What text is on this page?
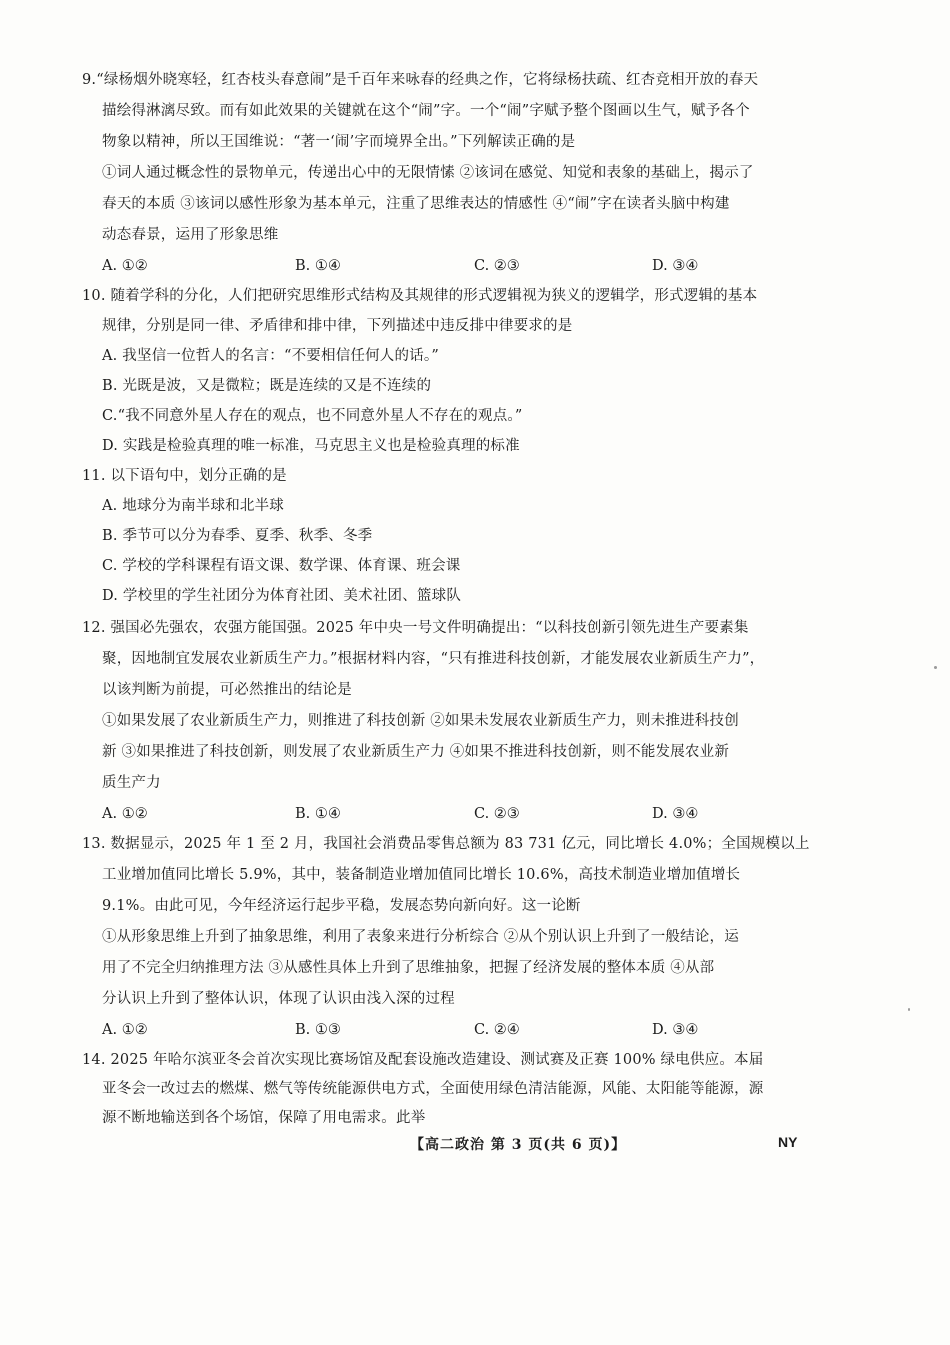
9.“绿杨烟外晓寒轻，红杏枝头春意闹”是千百年来咏春的经典之作，它将绿杨扶疏、红杏竞相开放的春天
描绘得淋漓尽致。而有如此效果的关键就在这个“闹”字。一个“闹”字赋予整个图画以生气，赋予各个
物象以精神，所以王国维说：“著一‘闹’字而境界全出。”下列解读正确的是
①词人通过概念性的景物单元，传递出心中的无限情愫 ②该词在感觉、知觉和表象的基础上，揭示了
春天的本质 ③该词以感性形象为基本单元，注重了思维表达的情感性 ④“闹”字在读者头脑中构建
动态春景，运用了形象思维
A. ①②	B. ①④	C. ②③	D. ③④
10. 随着学科的分化，人们把研究思维形式结构及其规律的形式逻辑视为狭义的逻辑学，形式逻辑的基本
规律，分别是同一律、矛盾律和排中律，下列描述中违反排中律要求的是
A. 我坚信一位哲人的名言：“不要相信任何人的话。”
B. 光既是波，又是微粒；既是连续的又是不连续的
C.“我不同意外星人存在的观点，也不同意外星人不存在的观点。”
D. 实践是检验真理的唯一标准，马克思主义也是检验真理的标准
11. 以下语句中，划分正确的是
A. 地球分为南半球和北半球
B. 季节可以分为春季、夏季、秋季、冬季
C. 学校的学科课程有语文课、数学课、体育课、班会课
D. 学校里的学生社团分为体育社团、美术社团、篮球队
12. 强国必先强农，农强方能国强。2025 年中央一号文件明确提出：“以科技创新引领先进生产要素集
聚，因地制宜发展农业新质生产力。”根据材料内容，“只有推进科技创新，才能发展农业新质生产力”，
以该判断为前提，可必然推出的结论是
①如果发展了农业新质生产力，则推进了科技创新 ②如果未发展农业新质生产力，则未推进科技创
新 ③如果推进了科技创新，则发展了农业新质生产力 ④如果不推进科技创新，则不能发展农业新
质生产力
A. ①②	B. ①④	C. ②③	D. ③④
13. 数据显示，2025 年 1 至 2 月，我国社会消费品零售总额为 83 731 亿元，同比增长 4.0%；全国规模以上
工业增加值同比增长 5.9%，其中，装备制造业增加值同比增长 10.6%，高技术制造业增加值增长
9.1%。由此可见，今年经济运行起步平稳，发展态势向新向好。这一论断
①从形象思维上升到了抽象思维，利用了表象来进行分析综合 ②从个别认识上升到了一般结论，运
用了不完全归纳推理方法 ③从感性具体上升到了思维抽象，把握了经济发展的整体本质 ④从部
分认识上升到了整体认识，体现了认识由浅入深的过程
A. ①②	B. ①③	C. ②④	D. ③④
14. 2025 年哈尔滨亚冬会首次实现比赛场馆及配套设施改造建设、测试赛及正赛 100% 绿电供应。本届
亚冬会一改过去的燃煤、燃气等传统能源供电方式，全面使用绿色清洁能源，风能、太阳能等能源，源
源不断地输送到各个场馆，保障了用电需求。此举
【高二政治 第 3 页(共 6 页)】	NY
